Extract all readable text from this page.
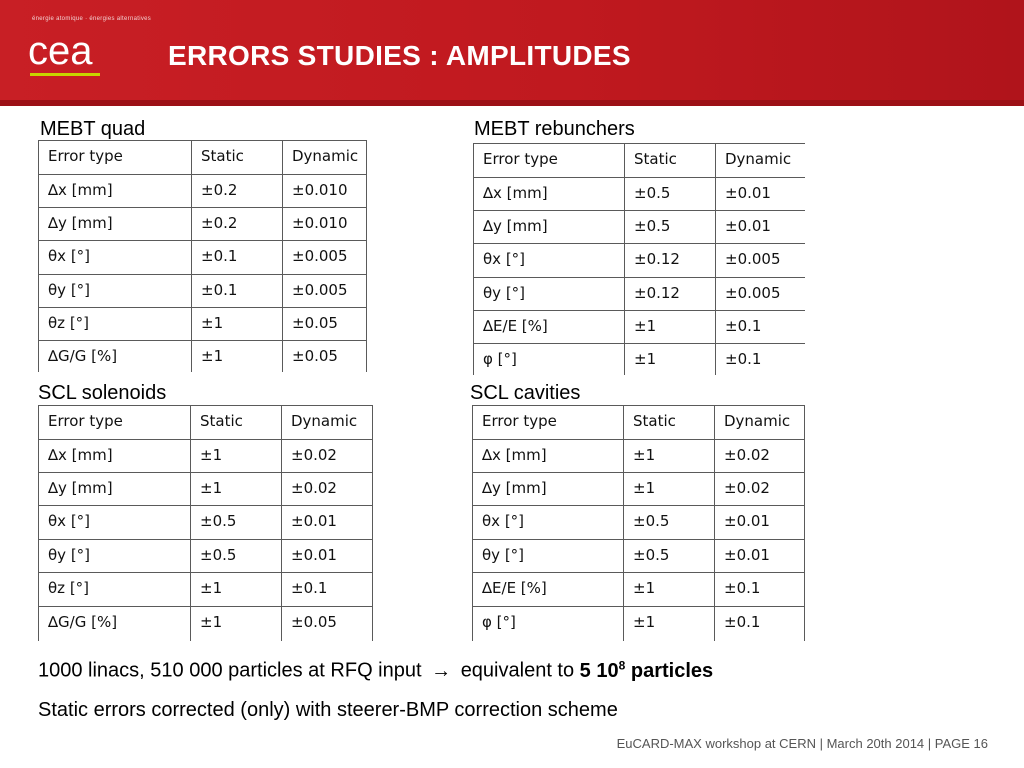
énergie atomique · énergies alternatives
cea	ERRORS STUDIES : AMPLITUDES
MEBT quad
Error type	Static	Dynamic
∆x [mm]	±0.2	±0.010
∆y [mm]	±0.2	±0.010
θx [°]	±0.1	±0.005
θy [°]	±0.1	±0.005
θz [°]	±1	±0.05
∆G/G [%]	±1	±0.05
MEBT rebunchers
Error type	Static	Dynamic
∆x [mm]	±0.5	±0.01
∆y [mm]	±0.5	±0.01
θx [°]	±0.12	±0.005
θy [°]	±0.12	±0.005
∆E/E [%]	±1	±0.1
φ [°]	±1	±0.1
SCL solenoids
Error type	Static	Dynamic
∆x [mm]	±1	±0.02
∆y [mm]	±1	±0.02
θx [°]	±0.5	±0.01
θy [°]	±0.5	±0.01
θz [°]	±1	±0.1
∆G/G [%]	±1	±0.05
SCL cavities
Error type	Static	Dynamic
∆x [mm]	±1	±0.02
∆y [mm]	±1	±0.02
θx [°]	±0.5	±0.01
θy [°]	±0.5	±0.01
∆E/E [%]	±1	±0.1
φ [°]	±1	±0.1
1000 linacs, 510 000 particles at RFQ input → equivalent to 5 $10^8$ particles
Static errors corrected (only) with steerer-BMP correction scheme
EuCARD-MAX workshop at CERN | March 20th 2014 | PAGE 16
